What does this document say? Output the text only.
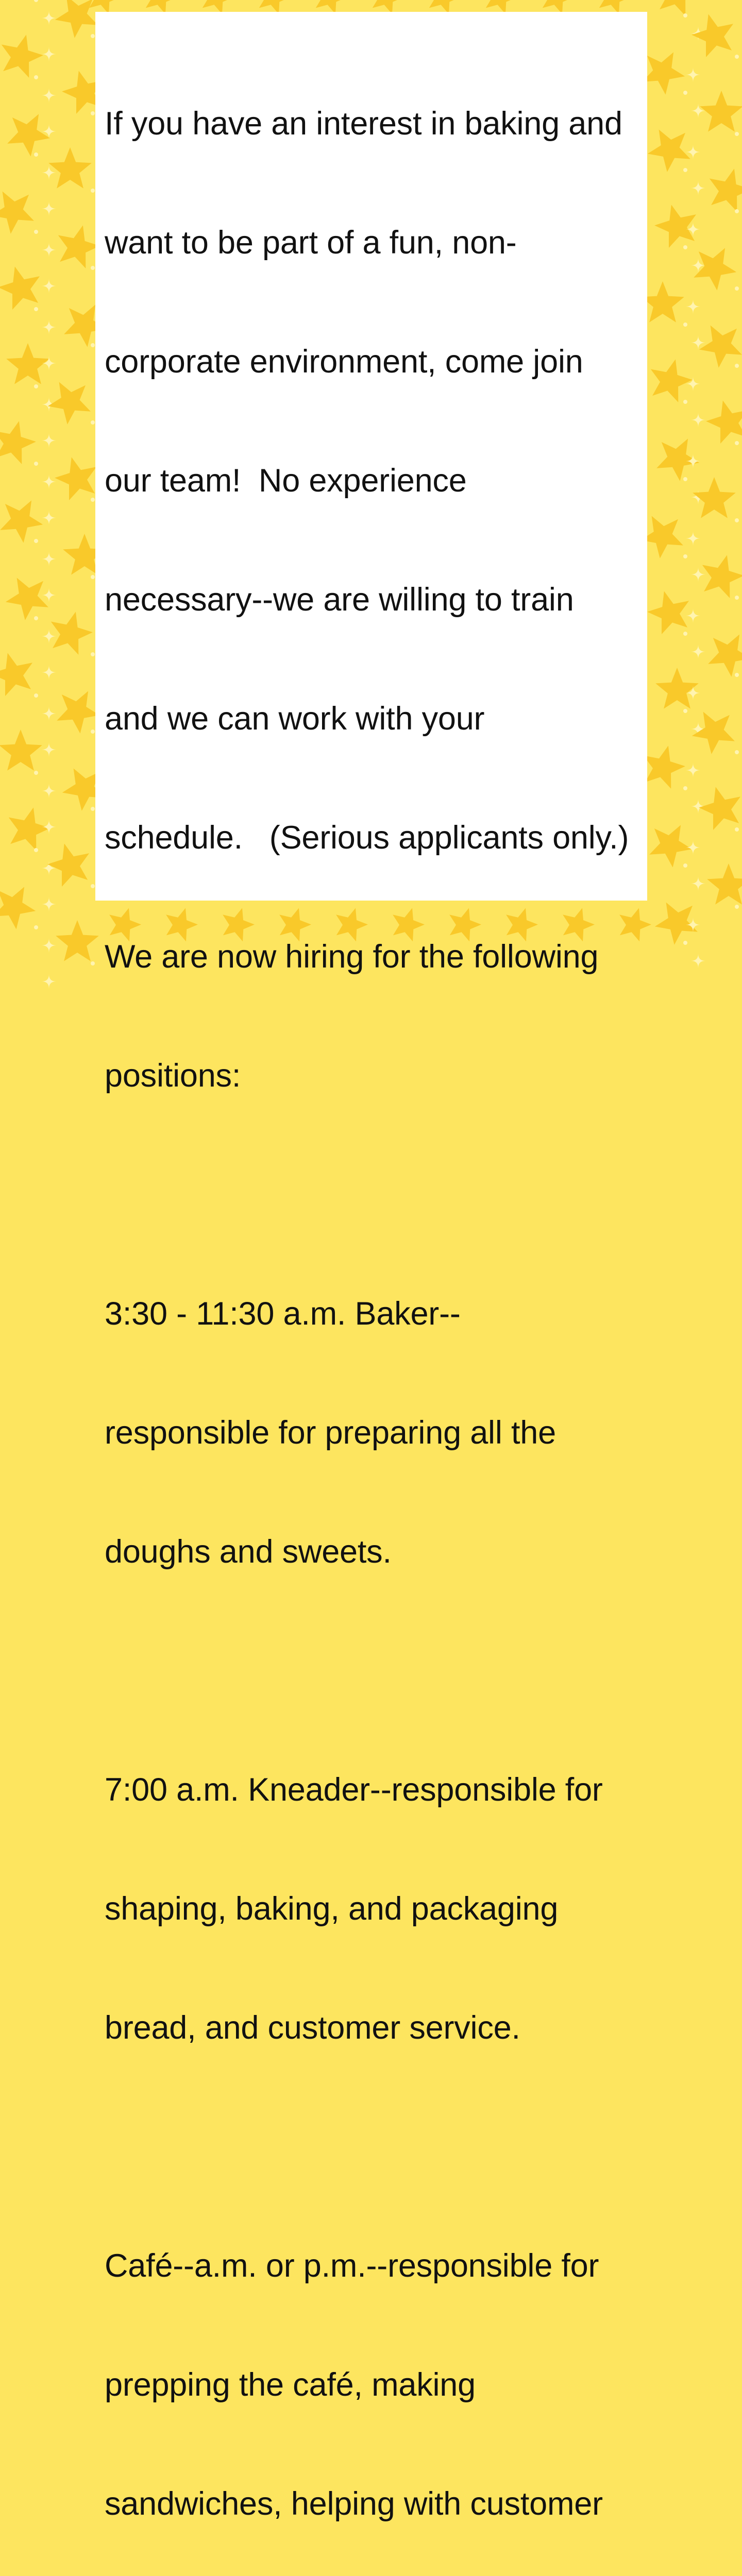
If you have an interest in baking and

want to be part of a fun, non-

corporate environment, come join

our team!  No experience

necessary--we are willing to train

and we can work with your

schedule.   (Serious applicants only.)

We are now hiring for the following

positions:

3:30 - 11:30 a.m. Baker--

responsible for preparing all the

doughs and sweets.

7:00 a.m. Kneader--responsible for

shaping, baking, and packaging

bread, and customer service.

Café--a.m. or p.m.--responsible for

prepping the café, making

sandwiches, helping with customer
